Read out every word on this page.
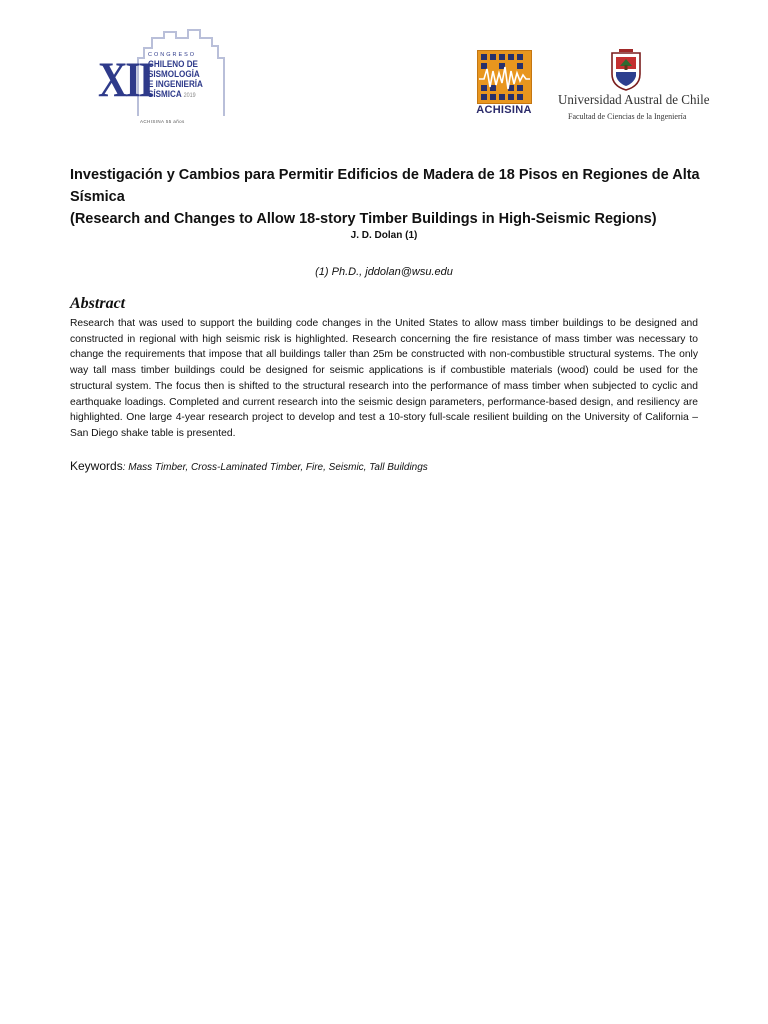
XII
CONGRESO
CHILENO DE
SISMOLOGÍA
E INGENIERÍA
SÍSMICA 2019
ACHISINA 55 años
ACHISINA
Universidad Austral de Chile
Facultad de Ciencias de la Ingeniería
Investigación y Cambios para Permitir Edificios de Madera de 18 Pisos en Regiones de Alta Sísmica
(Research and Changes to Allow 18-story Timber Buildings in High-Seismic Regions)
J. D. Dolan (1)
(1) Ph.D., jddolan@wsu.edu
Abstract

Research that was used to support the building code changes in the United States to allow mass timber buildings to be designed and constructed in regional with high seismic risk is highlighted. Research concerning the fire resistance of mass timber was necessary to change the requirements that impose that all buildings taller than 25m be constructed with non-combustible structural systems. The only way tall mass timber buildings could be designed for seismic applications is if combustible materials (wood) could be used for the structural system. The focus then is shifted to the structural research into the performance of mass timber when subjected to cyclic and earthquake loadings. Completed and current research into the seismic design parameters, performance-based design, and resiliency are highlighted. One large 4-year research project to develop and test a 10-story full-scale resilient building on the University of California – San Diego shake table is presented.

Keywords: Mass Timber, Cross-Laminated Timber, Fire, Seismic, Tall Buildings
